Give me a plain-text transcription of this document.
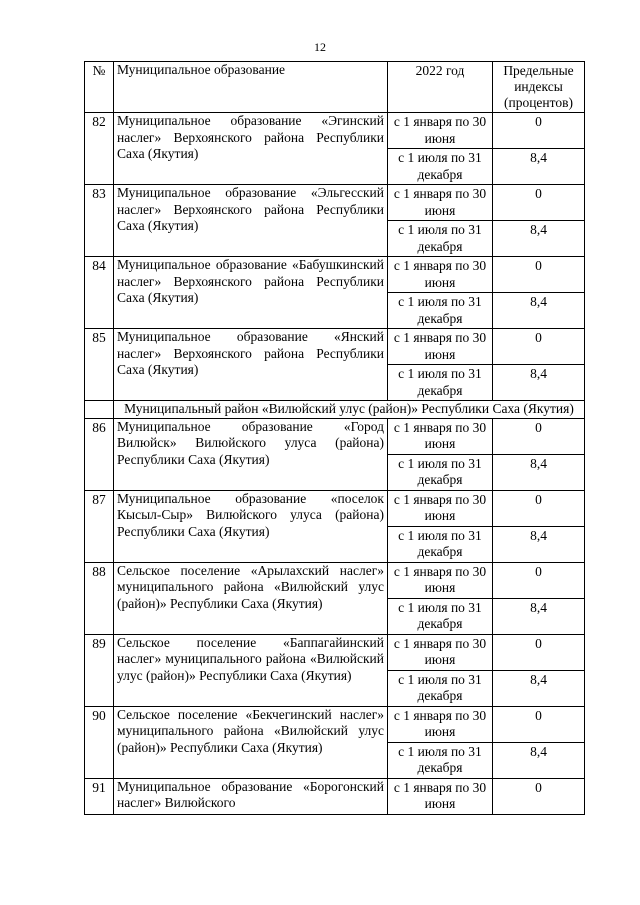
12
№	Муниципальное образование	2022 год	Предельные индексы (процентов)
82	Муниципальное образование «Эгинский наслег» Верхоянского района Республики Саха (Якутия)	с 1 января по 30 июня	0
		с 1 июля по 31 декабря	8,4
83	Муниципальное образование «Эльгесский наслег» Верхоянского района Республики Саха (Якутия)	с 1 января по 30 июня	0
		с 1 июля по 31 декабря	8,4
84	Муниципальное образование «Бабушкинский наслег» Верхоянского района Республики Саха (Якутия)	с 1 января по 30 июня	0
		с 1 июля по 31 декабря	8,4
85	Муниципальное образование «Янский наслег» Верхоянского района Республики Саха (Якутия)	с 1 января по 30 июня	0
		с 1 июля по 31 декабря	8,4
	Муниципальный район «Вилюйский улус (район)» Республики Саха (Якутия)		
86	Муниципальное образование «Город Вилюйск» Вилюйского улуса (района) Республики Саха (Якутия)	с 1 января по 30 июня	0
		с 1 июля по 31 декабря	8,4
87	Муниципальное образование «поселок Кысыл-Сыр» Вилюйского улуса (района) Республики Саха (Якутия)	с 1 января по 30 июня	0
		с 1 июля по 31 декабря	8,4
88	Сельское поселение «Арылахский наслег» муниципального района «Вилюйский улус (район)» Республики Саха (Якутия)	с 1 января по 30 июня	0
		с 1 июля по 31 декабря	8,4
89	Сельское поселение «Баппагайинский наслег» муниципального района «Вилюйский улус (район)» Республики Саха (Якутия)	с 1 января по 30 июня	0
		с 1 июля по 31 декабря	8,4
90	Сельское поселение «Бекчегинский наслег» муниципального района «Вилюйский улус (район)» Республики Саха (Якутия)	с 1 января по 30 июня	0
		с 1 июля по 31 декабря	8,4
91	Муниципальное образование «Борогонский наслег» Вилюйского	с 1 января по 30 июня	0
